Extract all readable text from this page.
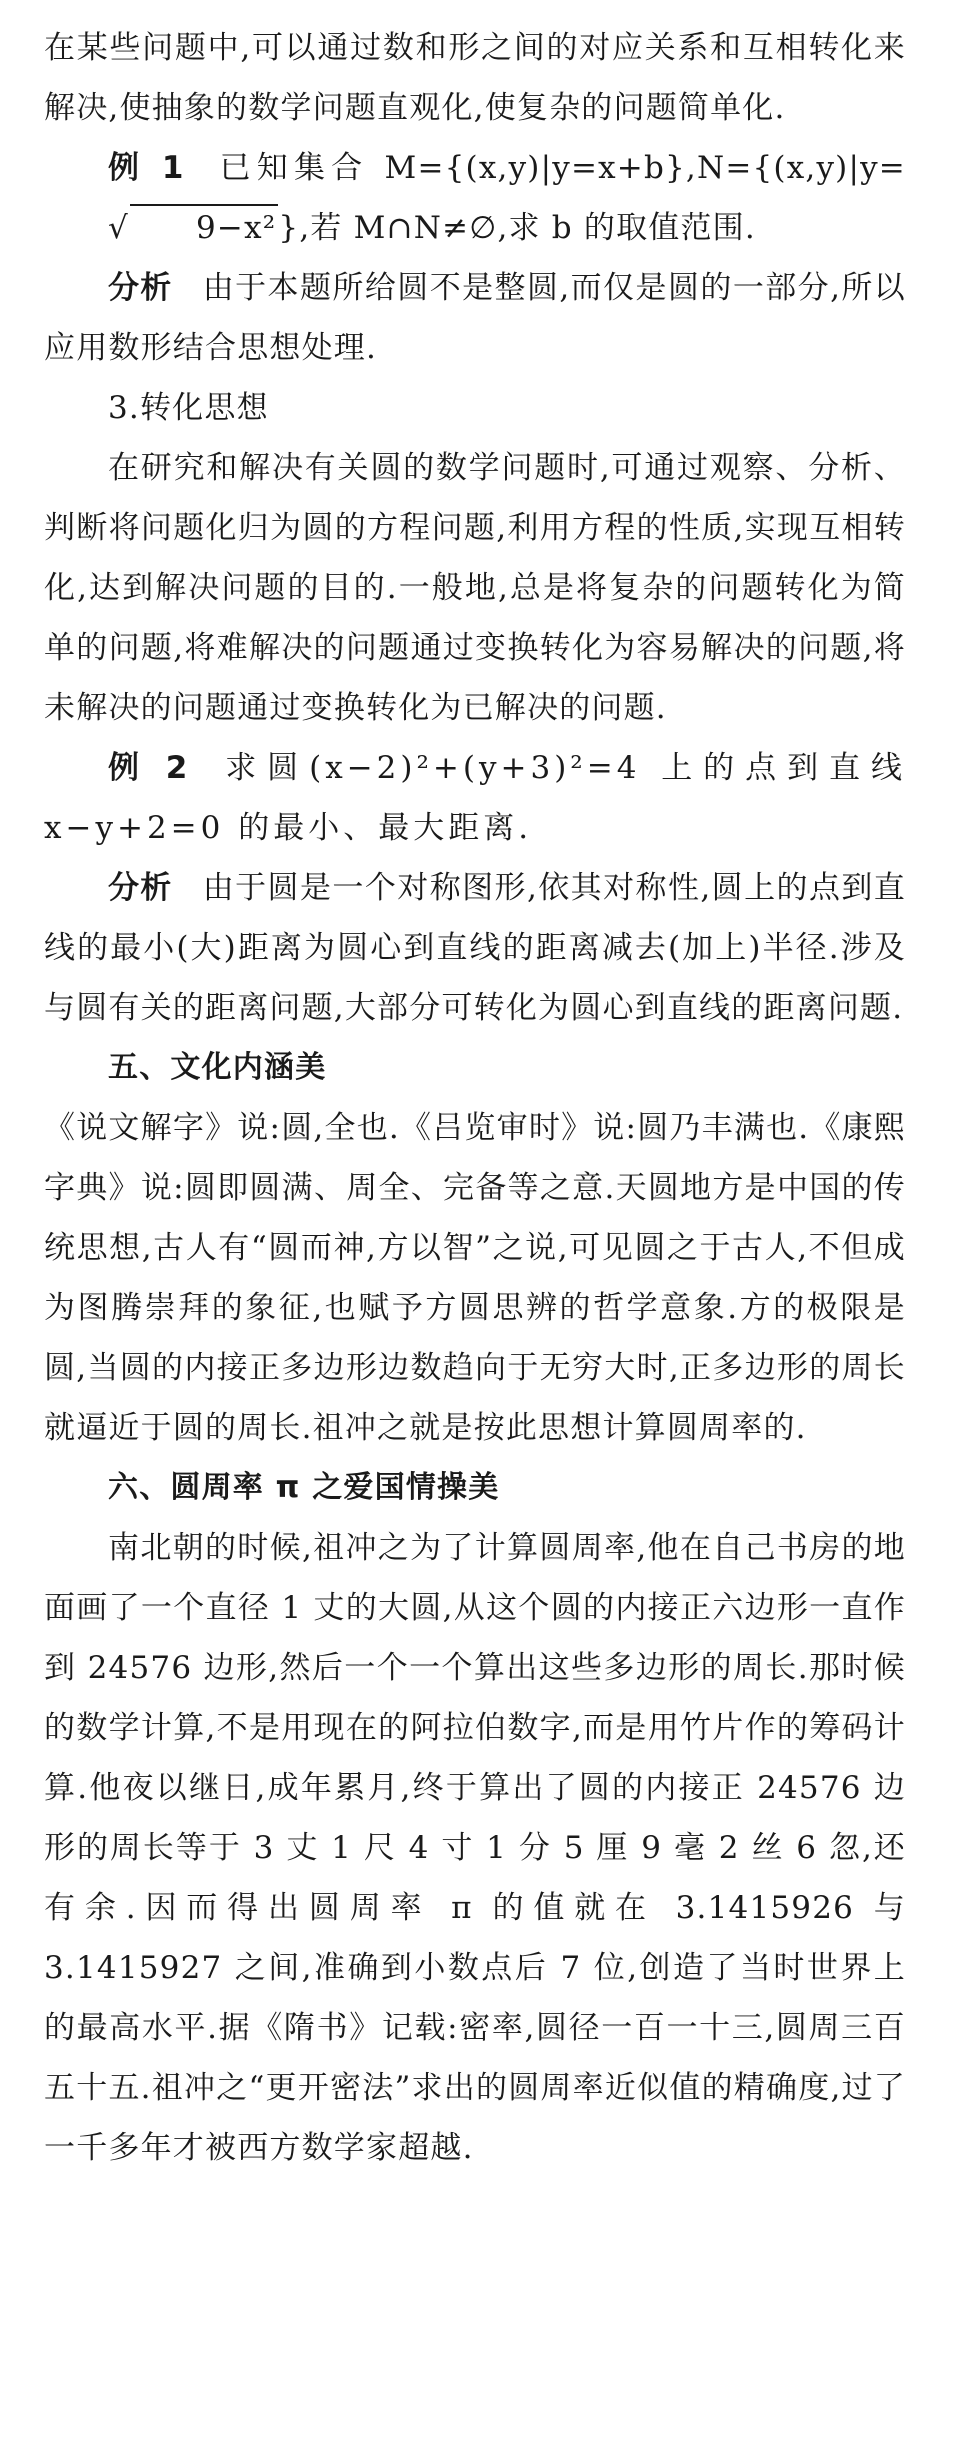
在某些问题中,可以通过数和形之间的对应关系和互相转化来解决,使抽象的数学问题直观化,使复杂的问题简单化.

例 1 已知集合 M={(x,y)|y=x+b},N={(x,y)|y=
√ 9−x²},若 M∩N≠∅,求 b 的取值范围.

分析 由于本题所给圆不是整圆,而仅是圆的一部分,所以应用数形结合思想处理.

3.转化思想

在研究和解决有关圆的数学问题时,可通过观察、分析、判断将问题化归为圆的方程问题,利用方程的性质,实现互相转化,达到解决问题的目的.一般地,总是将复杂的问题转化为简单的问题,将难解决的问题通过变换转化为容易解决的问题,将未解决的问题通过变换转化为已解决的问题.

例 2 求圆(x−2)²+(y+3)²=4 上的点到直线 x−y+2=0 的最小、最大距离.

分析 由于圆是一个对称图形,依其对称性,圆上的点到直线的最小(大)距离为圆心到直线的距离减去(加上)半径.涉及与圆有关的距离问题,大部分可转化为圆心到直线的距离问题.

五、文化内涵美

《说文解字》说:圆,全也.《吕览审时》说:圆乃丰满也.《康熙字典》说:圆即圆满、周全、完备等之意.天圆地方是中国的传统思想,古人有“圆而神,方以智”之说,可见圆之于古人,不但成为图腾崇拜的象征,也赋予方圆思辨的哲学意象.方的极限是圆,当圆的内接正多边形边数趋向于无穷大时,正多边形的周长就逼近于圆的周长.祖冲之就是按此思想计算圆周率的.

六、圆周率 π 之爱国情操美

南北朝的时候,祖冲之为了计算圆周率,他在自己书房的地面画了一个直径 1 丈的大圆,从这个圆的内接正六边形一直作到 24576 边形,然后一个一个算出这些多边形的周长.那时候的数学计算,不是用现在的阿拉伯数字,而是用竹片作的筹码计算.他夜以继日,成年累月,终于算出了圆的内接正 24576 边形的周长等于 3 丈 1 尺 4 寸 1 分 5 厘 9 毫 2 丝 6 忽,还有余.因而得出圆周率 π 的值就在 3.1415926 与 3.1415927 之间,准确到小数点后 7 位,创造了当时世界上的最高水平.据《隋书》记载:密率,圆径一百一十三,圆周三百五十五.祖冲之“更开密法”求出的圆周率近似值的精确度,过了一千多年才被西方数学家超越.
